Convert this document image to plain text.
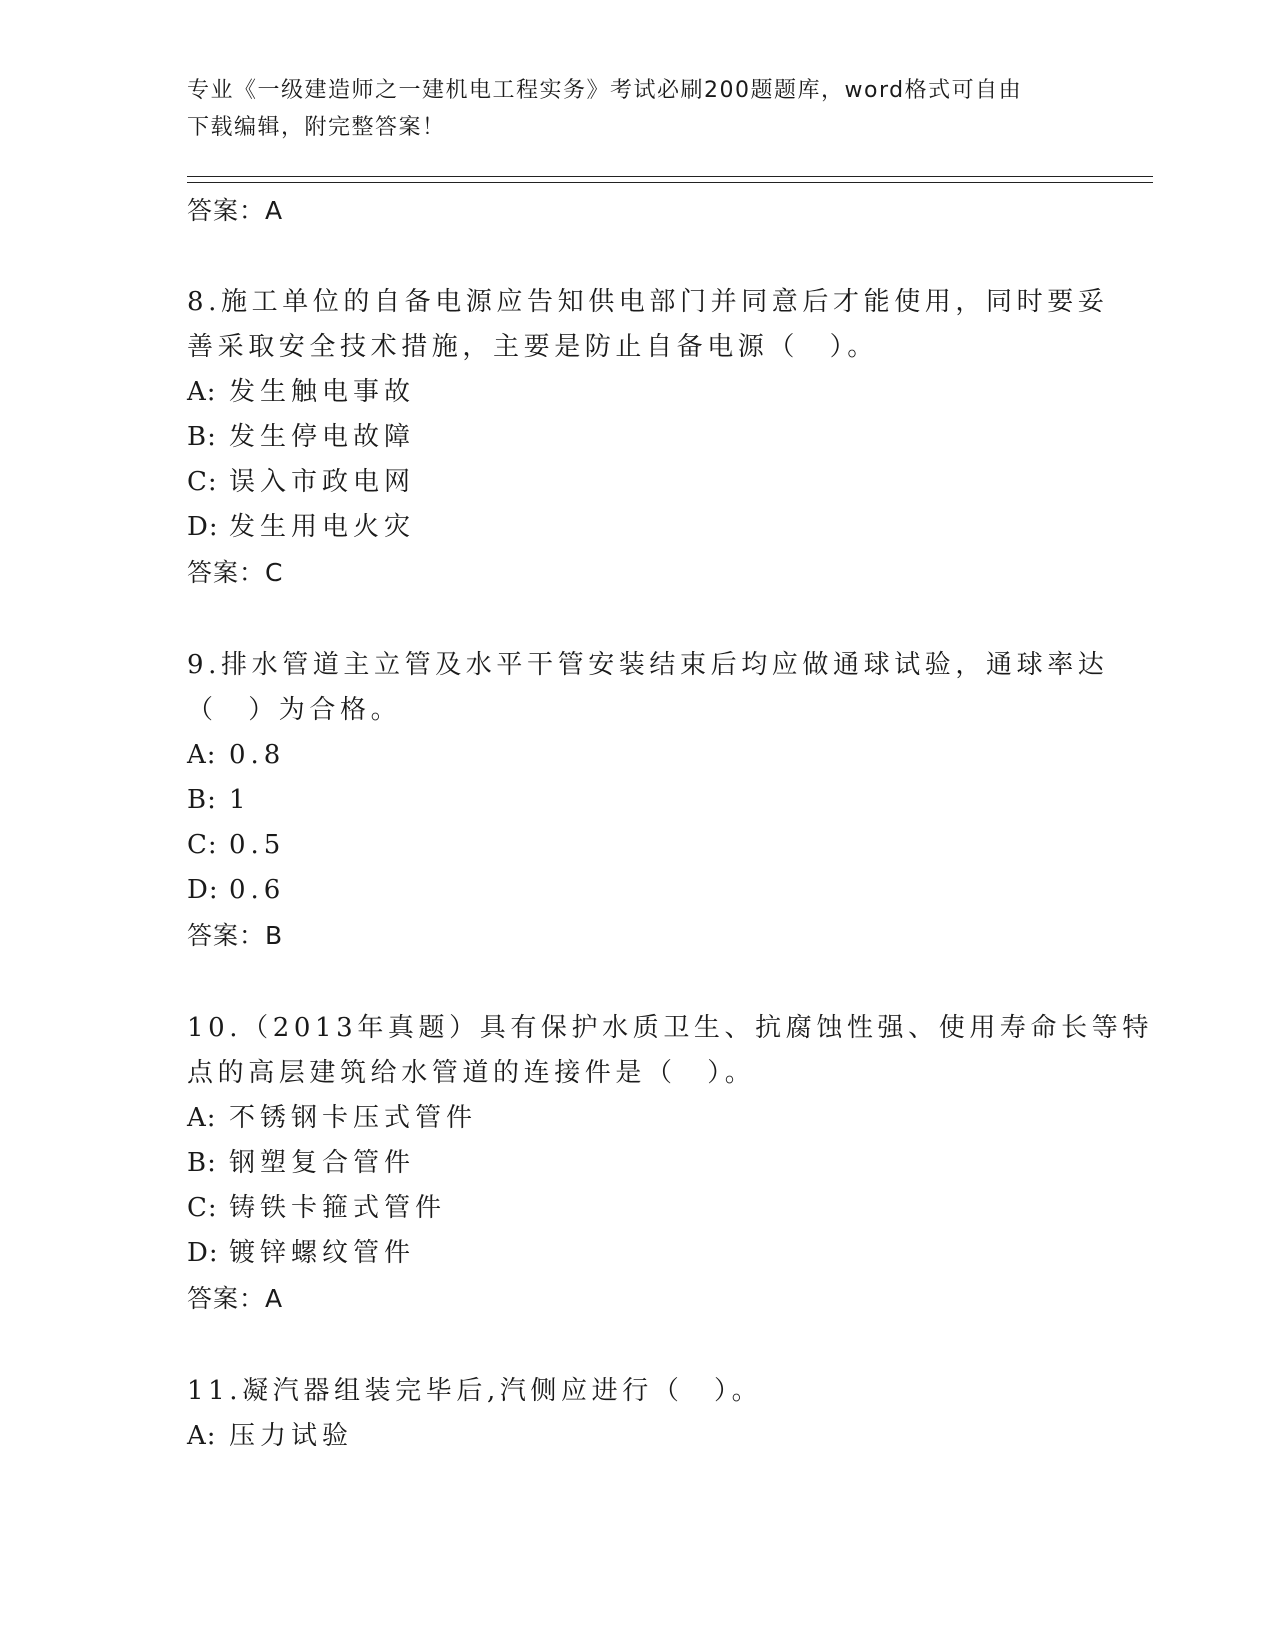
专业《一级建造师之一建机电工程实务》考试必刷200题题库，word格式可自由
下载编辑，附完整答案！
答案：A
8.施工单位的自备电源应告知供电部门并同意后才能使用，同时要妥
善采取安全技术措施，主要是防止自备电源（　）。
A: 发生触电事故
B: 发生停电故障
C: 误入市政电网
D: 发生用电火灾
答案：C
9.排水管道主立管及水平干管安装结束后均应做通球试验，通球率达
（　）为合格。
A: 0.8
B: 1
C: 0.5
D: 0.6
答案：B
10.（2013年真题）具有保护水质卫生、抗腐蚀性强、使用寿命长等特
点的高层建筑给水管道的连接件是（　）。
A: 不锈钢卡压式管件
B: 钢塑复合管件
C: 铸铁卡箍式管件
D: 镀锌螺纹管件
答案：A
11.凝汽器组装完毕后,汽侧应进行（　）。
A: 压力试验
